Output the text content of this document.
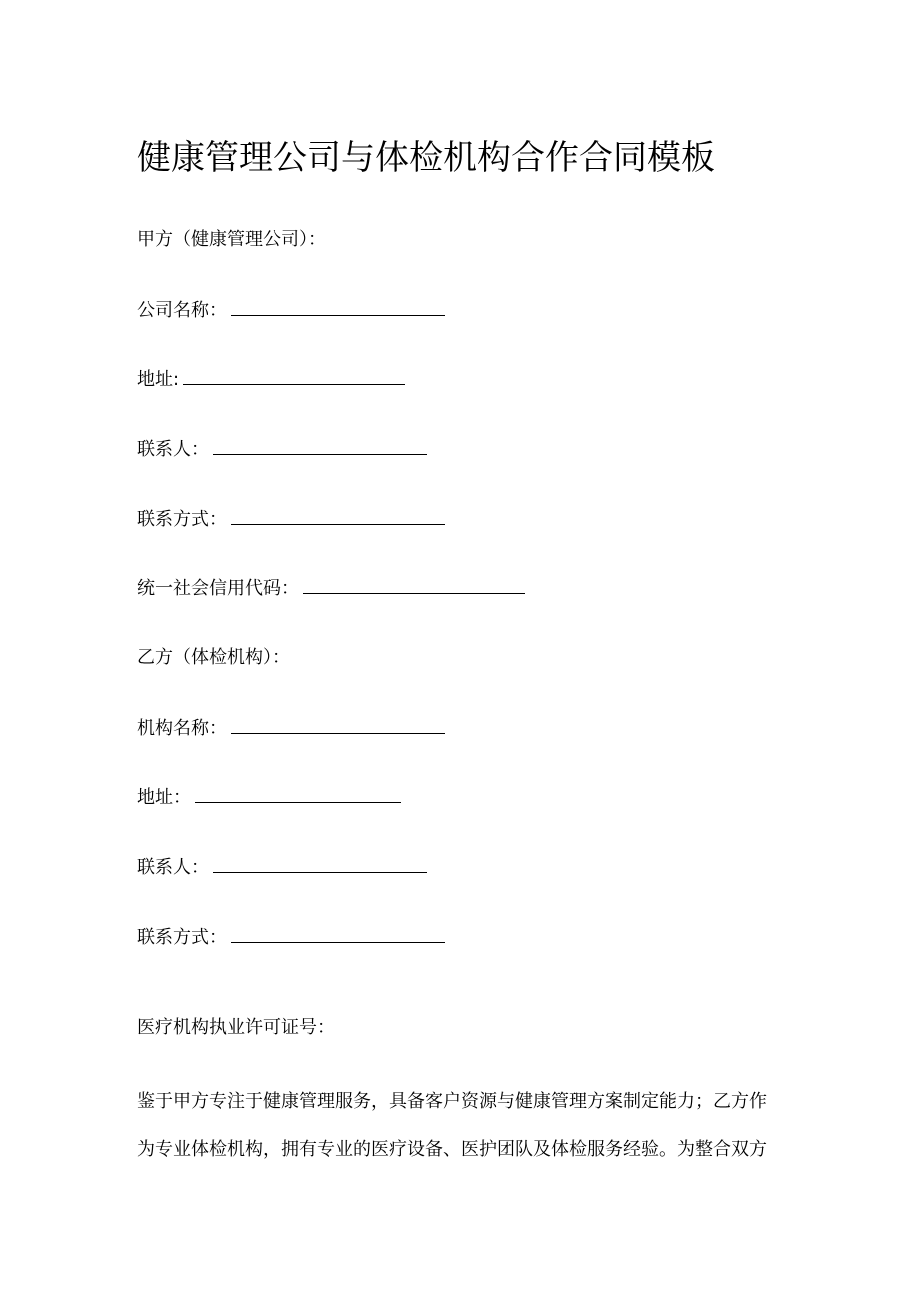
健康管理公司与体检机构合作合同模板
甲方（健康管理公司）：
公司名称：
地址:
联系人：
联系方式：
统一社会信用代码：
乙方（体检机构）：
机构名称：
地址：
联系人：
联系方式：
医疗机构执业许可证号：
鉴于甲方专注于健康管理服务，具备客户资源与健康管理方案制定能力；乙方作
为专业体检机构，拥有专业的医疗设备、医护团队及体检服务经验。为整合双方
